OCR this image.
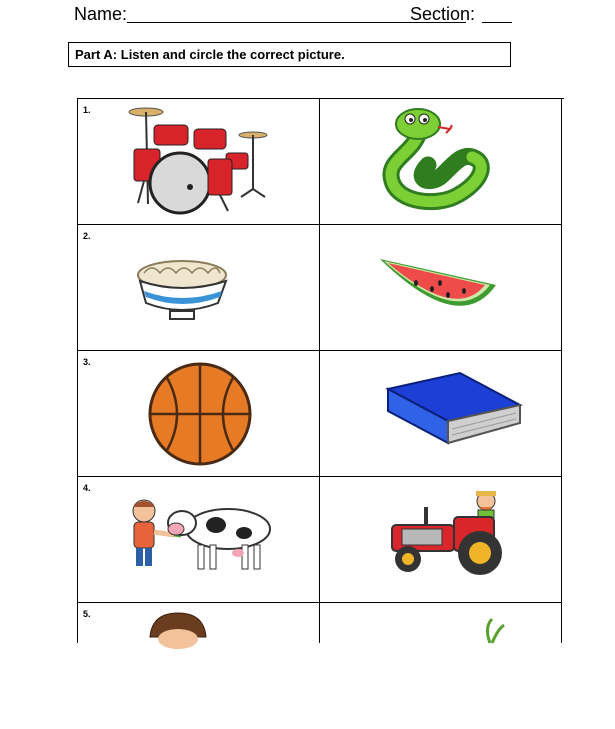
Name:	Section:
Part A: Listen and circle the correct picture.
1.
2.
3.
4.
5.
